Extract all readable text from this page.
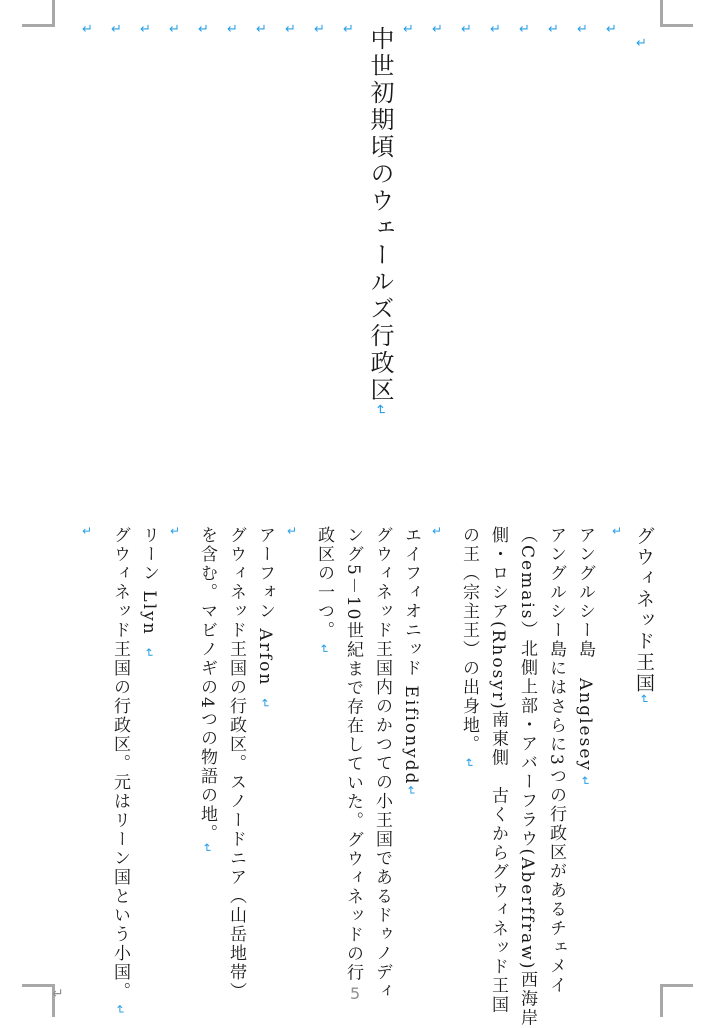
↵ ↵ ↵ ↵ ↵ ↵ ↵ ↵ ↵ ↵	↵ ↵ ↵ ↵ ↵ ↵ ↵ ↵
↵
中世初期頃のウェールズ行政区↵
グウィネッド王国↵
↵
アングルシー島　Anglesey ↵
アングルシー島にはさらに3つの行政区があるチェメイ
（Cemais）北側上部・アバーフラウ(Aberffraw)西海岸
側・ロシア(Rhosyr)南東側　古くからグウィネッド王国
の王（宗主王）の出身地。 ↵
↵
エイフィオニッド Eifionydd↵
グウィネッド王国内のかつての小王国であるドゥノディ
ング5－10世紀まで存在していた。グウィネッドの行
政区の一つ。 ↵
↵
アーフォン Arfon　↵
グウィネッド王国の行政区。スノードニア（山岳地帯）
を含む。マビノギの4つの物語の地。↵
↵
リーン Llyn　↵
グウィネッド王国の行政区。元はリーン国という小国。　↵
↵
5
↵
